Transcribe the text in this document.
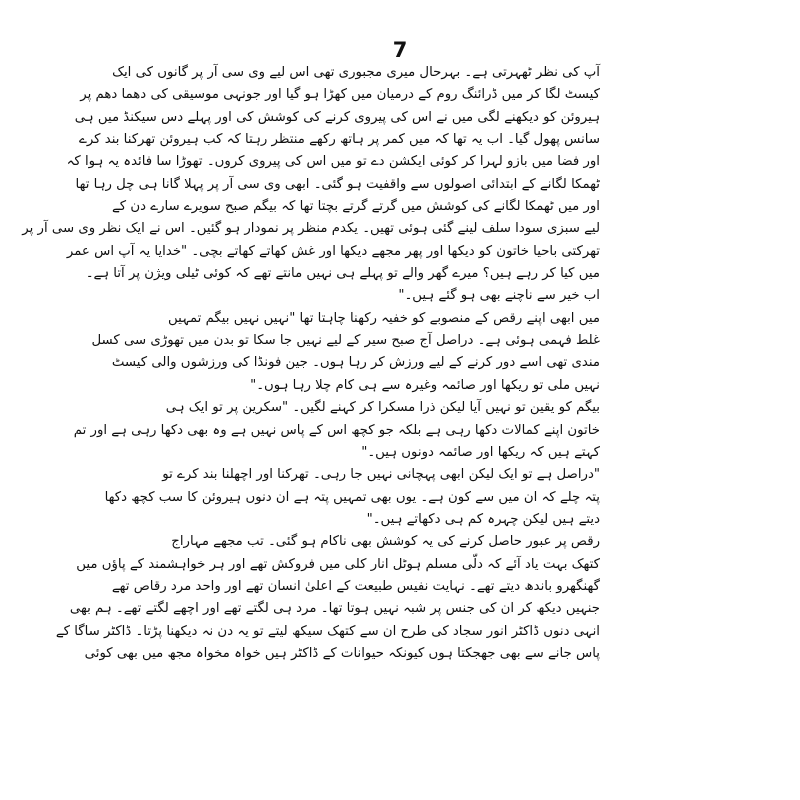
7
آپ کی نظر ٹھہرتی ہے۔ بہرحال میری مجبوری تھی اس لیے وی سی آر پر گانوں کی ایک
کیسٹ لگا کر میں ڈرائنگ روم کے درمیان میں کھڑا ہو گیا اور جونہی موسیقی کی دھما دھم پر
ہیروئن کو دیکھنے لگی میں نے اس کی پیروی کرنے کی کوشش کی اور پہلے دس سیکنڈ میں ہی
سانس پھول گیا۔ اب یہ تھا کہ میں کمر پر ہاتھ رکھے منتظر رہتا کہ کب ہیروئن تھرکنا بند کرے
اور فضا میں بازو لہرا کر کوئی ایکشن دے تو میں اس کی پیروی کروں۔ تھوڑا سا فائدہ یہ ہوا کہ
ٹھمکا لگانے کے ابتدائی اصولوں سے واقفیت ہو گئی۔ ابھی وی سی آر پر پہلا گانا ہی چل رہا تھا
اور میں ٹھمکا لگانے کی کوشش میں گرتے گرتے بچتا تھا کہ بیگم صبح سویرے سارے دن کے
لیے سبزی سودا سلف لینے گئی ہوئی تھیں۔ یکدم منظر پر نمودار ہو گئیں۔ اس نے ایک نظر وی سی آر پر
تھرکتی باحیا خاتون کو دیکھا اور پھر مجھے دیکھا اور غش کھاتے کھاتے بچی۔ "خدایا یہ آپ اس عمر
میں کیا کر رہے ہیں؟ میرے گھر والے تو پہلے ہی نہیں مانتے تھے کہ کوئی ٹیلی ویژن پر آتا ہے۔
اب خیر سے ناچنے بھی ہو گئے ہیں۔"
میں ابھی اپنے رقص کے منصوبے کو خفیہ رکھنا چاہتا تھا "نہیں نہیں بیگم تمہیں
غلط فہمی ہوئی ہے۔ دراصل آج صبح سیر کے لیے نہیں جا سکا تو بدن میں تھوڑی سی کسل
مندی تھی اسے دور کرنے کے لیے ورزش کر رہا ہوں۔ جین فونڈا کی ورزشوں والی کیسٹ
نہیں ملی تو ریکھا اور صائمہ وغیرہ سے ہی کام چلا رہا ہوں۔"
بیگم کو یقین تو نہیں آیا لیکن ذرا مسکرا کر کہنے لگیں۔ "سکرین پر تو ایک ہی
خاتون اپنے کمالات دکھا رہی ہے بلکہ جو کچھ اس کے پاس نہیں ہے وہ بھی دکھا رہی ہے اور تم
کہتے ہیں کہ ریکھا اور صائمہ دونوں ہیں۔"
"دراصل ہے تو ایک لیکن ابھی پہچانی نہیں جا رہی۔ تھرکنا اور اچھلنا بند کرے تو
پتہ چلے کہ ان میں سے کون ہے۔ یوں بھی تمہیں پتہ ہے ان دنوں ہیروئن کا سب کچھ دکھا
دیتے ہیں لیکن چہرہ کم ہی دکھاتے ہیں۔"
رقص پر عبور حاصل کرنے کی یہ کوشش بھی ناکام ہو گئی۔ تب مجھے مہاراج
کتھک بہت یاد آئے کہ دلّی مسلم ہوٹل انار کلی میں فروکش تھے اور ہر خواہشمند کے پاؤں میں
گھنگھرو باندھ دیتے تھے۔ نہایت نفیس طبیعت کے اعلیٰ انسان تھے اور واحد مرد رقاص تھے
جنہیں دیکھ کر ان کی جنس پر شبہ نہیں ہوتا تھا۔ مرد ہی لگتے تھے اور اچھے لگتے تھے۔ ہم بھی
انہی دنوں ڈاکٹر انور سجاد کی طرح ان سے کتھک سیکھ لیتے تو یہ دن نہ دیکھنا پڑتا۔ ڈاکٹر ساگا کے
پاس جانے سے بھی جھجکتا ہوں کیونکہ حیوانات کے ڈاکٹر ہیں خواہ مخواہ مجھ میں بھی کوئی
